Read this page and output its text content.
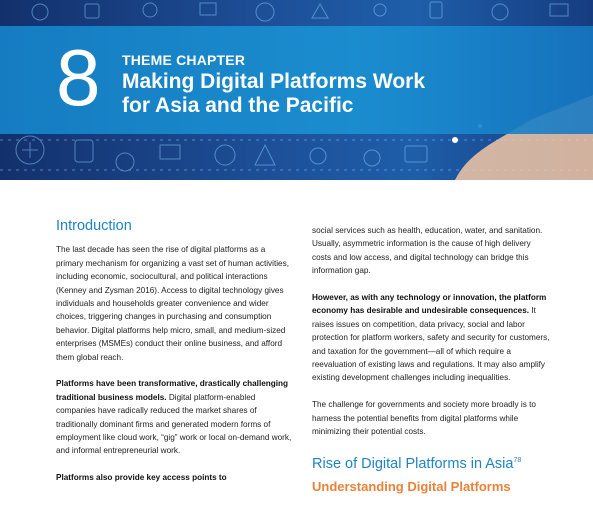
8 THEME CHAPTER
Making Digital Platforms Work
for Asia and the Pacific
Introduction

The last decade has seen the rise of digital platforms as a primary mechanism for organizing a vast set of human activities, including economic, sociocultural, and political interactions (Kenney and Zysman 2016). Access to digital technology gives individuals and households greater convenience and wider choices, triggering changes in purchasing and consumption behavior. Digital platforms help micro, small, and medium-sized enterprises (MSMEs) conduct their online business, and afford them global reach.

Platforms have been transformative, drastically challenging traditional business models. Digital platform-enabled companies have radically reduced the market shares of traditionally dominant firms and generated modern forms of employment like cloud work, “gig” work or local on-demand work, and informal entrepreneurial work.

Platforms also provide key access points to

social services such as health, education, water, and sanitation. Usually, asymmetric information is the cause of high delivery costs and low access, and digital technology can bridge this information gap.

However, as with any technology or innovation, the platform economy has desirable and undesirable consequences. It raises issues on competition, data privacy, social and labor protection for platform workers, safety and security for customers, and taxation for the government—all of which require a reevaluation of existing laws and regulations. It may also amplify existing development challenges including inequalities.

The challenge for governments and society more broadly is to harness the potential benefits from digital platforms while minimizing their potential costs.

Rise of Digital Platforms in Asia$^{78}$
Understanding Digital Platforms
